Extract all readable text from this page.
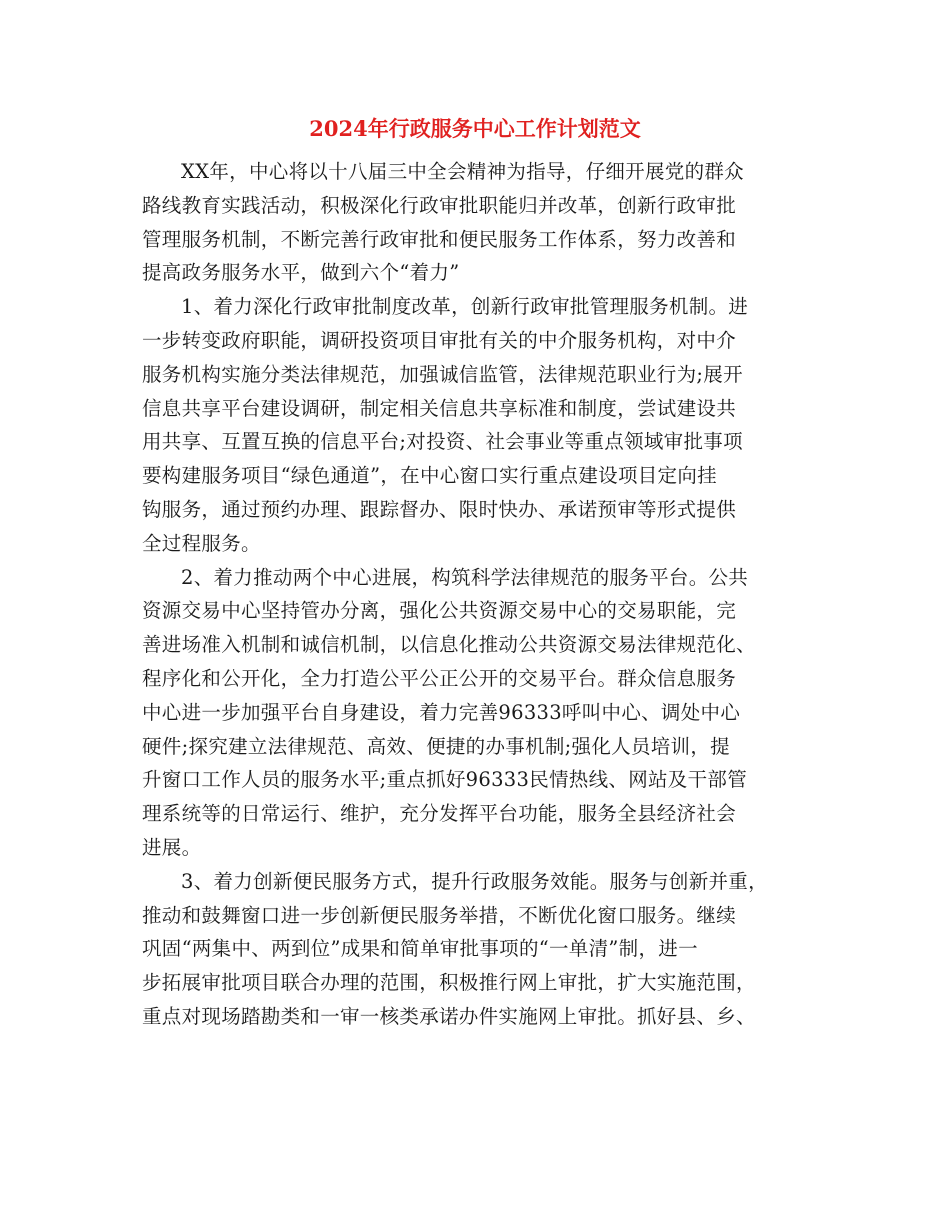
2024年行政服务中心工作计划范文
XX年，中心将以十八届三中全会精神为指导，仔细开展党的群众
路线教育实践活动，积极深化行政审批职能归并改革，创新行政审批
管理服务机制，不断完善行政审批和便民服务工作体系，努力改善和
提高政务服务水平，做到六个“着力”
1、着力深化行政审批制度改革，创新行政审批管理服务机制。进
一步转变政府职能，调研投资项目审批有关的中介服务机构，对中介
服务机构实施分类法律规范，加强诚信监管，法律规范职业行为;展开
信息共享平台建设调研，制定相关信息共享标准和制度，尝试建设共
用共享、互置互换的信息平台;对投资、社会事业等重点领域审批事项
要构建服务项目“绿色通道”，在中心窗口实行重点建设项目定向挂
钩服务，通过预约办理、跟踪督办、限时快办、承诺预审等形式提供
全过程服务。
2、着力推动两个中心进展，构筑科学法律规范的服务平台。公共
资源交易中心坚持管办分离，强化公共资源交易中心的交易职能，完
善进场准入机制和诚信机制，以信息化推动公共资源交易法律规范化、
程序化和公开化，全力打造公平公正公开的交易平台。群众信息服务
中心进一步加强平台自身建设，着力完善96333呼叫中心、调处中心
硬件;探究建立法律规范、高效、便捷的办事机制;强化人员培训，提
升窗口工作人员的服务水平;重点抓好96333民情热线、网站及干部管
理系统等的日常运行、维护，充分发挥平台功能，服务全县经济社会
进展。
3、着力创新便民服务方式，提升行政服务效能。服务与创新并重，
推动和鼓舞窗口进一步创新便民服务举措，不断优化窗口服务。继续
巩固“两集中、两到位”成果和简单审批事项的“一单清”制，进一
步拓展审批项目联合办理的范围，积极推行网上审批，扩大实施范围，
重点对现场踏勘类和一审一核类承诺办件实施网上审批。抓好县、乡、
